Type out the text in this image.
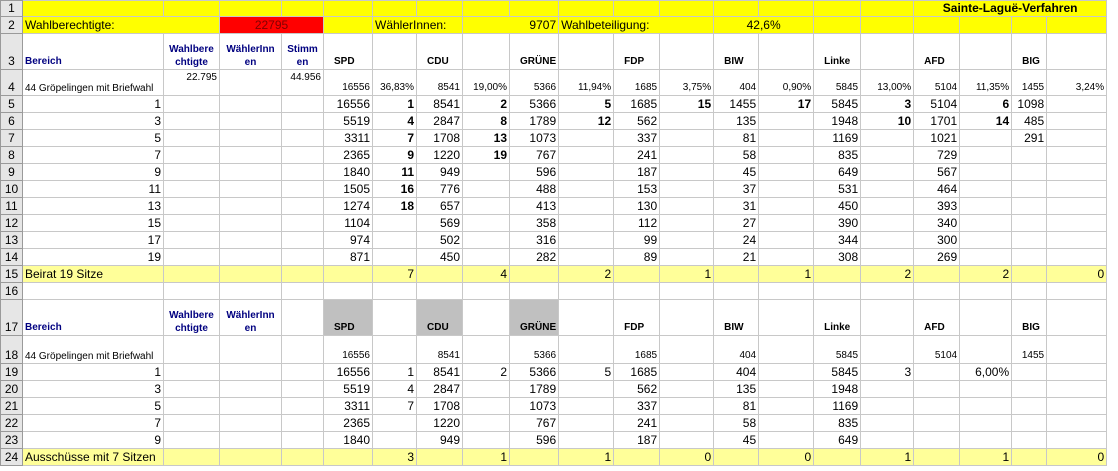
1																	Sainte-Laguë-Verfahren			
2	Wahlberechtigte:		22795			WählerInnen:		9707		Wahlbeteiligung:			42,6%							
3	Bereich	Wahlbere chtigte	WählerInn en	Stimm en	SPD		CDU		GRÜNE		FDP		BIW		Linke		AFD		BIG	
4	44 Gröpelingen mit Briefwahl	22.795		44.956	16556	36,83%	8541	19,00%	5366	11,94%	1685	3,75%	404	0,90%	5845	13,00%	5104	11,35%	1455	3,24%
5	1				16556	1	8541	2	5366	5	1685	15	1455	17	5845	3	5104	6	1098	
6	3				5519	4	2847	8	1789	12	562		135		1948	10	1701	14	485	
7	5				3311	7	1708	13	1073		337		81		1169		1021		291	
8	7				2365	9	1220	19	767		241		58		835		729			
9	9				1840	11	949		596		187		45		649		567			
10	11				1505	16	776		488		153		37		531		464			
11	13				1274	18	657		413		130		31		450		393			
12	15				1104		569		358		112		27		390		340			
13	17				974		502		316		99		24		344		300			
14	19				871		450		282		89		21		308		269			
15	Beirat 19 Sitze					7		4		2		1		1		2		2		0
16																				
17	Bereich	Wahlbere chtigte	WählerInn en		SPD		CDU		GRÜNE		FDP		BIW		Linke		AFD		BIG	
18	44 Gröpelingen mit Briefwahl				16556		8541		5366		1685		404		5845		5104		1455	
19	1				16556	1	8541	2	5366	5	1685		404		5845	3		6,00%		
20	3				5519	4	2847		1789		562		135		1948					
21	5				3311	7	1708		1073		337		81		1169					
22	7				2365		1220		767		241		58		835					
23	9				1840		949		596		187		45		649					
24	Ausschüsse mit 7 Sitzen					3		1		1		0		0		1		1		0
